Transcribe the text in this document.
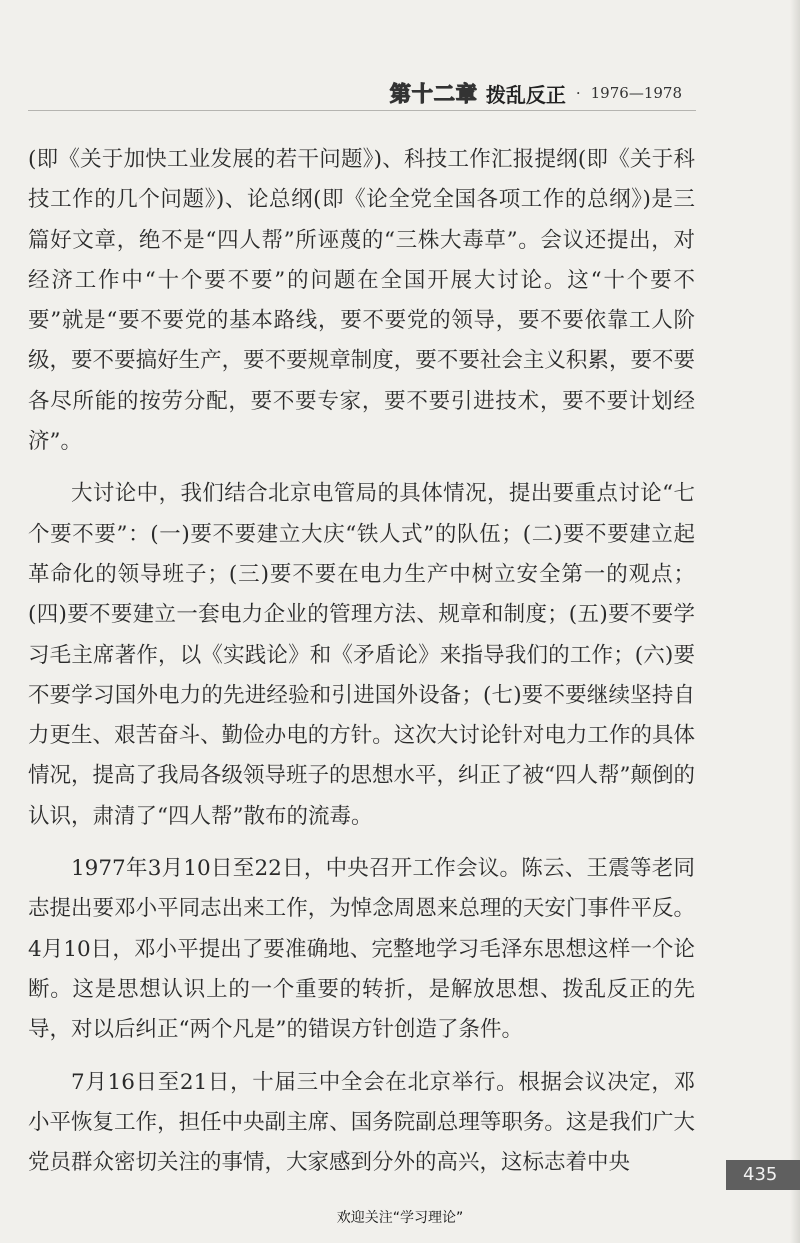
第十二章 拨乱反正 · 1976—1978

(即《关于加快工业发展的若干问题》)、科技工作汇报提纲(即《关于科技工作的几个问题》)、论总纲(即《论全党全国各项工作的总纲》)是三篇好文章，绝不是“四人帮”所诬蔑的“三株大毒草”。会议还提出，对经济工作中“十个要不要”的问题在全国开展大讨论。这“十个要不要”就是“要不要党的基本路线，要不要党的领导，要不要依靠工人阶级，要不要搞好生产，要不要规章制度，要不要社会主义积累，要不要各尽所能的按劳分配，要不要专家，要不要引进技术，要不要计划经济”。

大讨论中，我们结合北京电管局的具体情况，提出要重点讨论“七个要不要”：(一)要不要建立大庆“铁人式”的队伍；(二)要不要建立起革命化的领导班子；(三)要不要在电力生产中树立安全第一的观点；(四)要不要建立一套电力企业的管理方法、规章和制度；(五)要不要学习毛主席著作，以《实践论》和《矛盾论》来指导我们的工作；(六)要不要学习国外电力的先进经验和引进国外设备；(七)要不要继续坚持自力更生、艰苦奋斗、勤俭办电的方针。这次大讨论针对电力工作的具体情况，提高了我局各级领导班子的思想水平，纠正了被“四人帮”颠倒的认识，肃清了“四人帮”散布的流毒。

1977年3月10日至22日，中央召开工作会议。陈云、王震等老同志提出要邓小平同志出来工作，为悼念周恩来总理的天安门事件平反。4月10日，邓小平提出了要准确地、完整地学习毛泽东思想这样一个论断。这是思想认识上的一个重要的转折，是解放思想、拨乱反正的先导，对以后纠正“两个凡是”的错误方针创造了条件。

7月16日至21日，十届三中全会在北京举行。根据会议决定，邓小平恢复工作，担任中央副主席、国务院副总理等职务。这是我们广大党员群众密切关注的事情，大家感到分外的高兴，这标志着中央	435
欢迎关注“学习理论”
